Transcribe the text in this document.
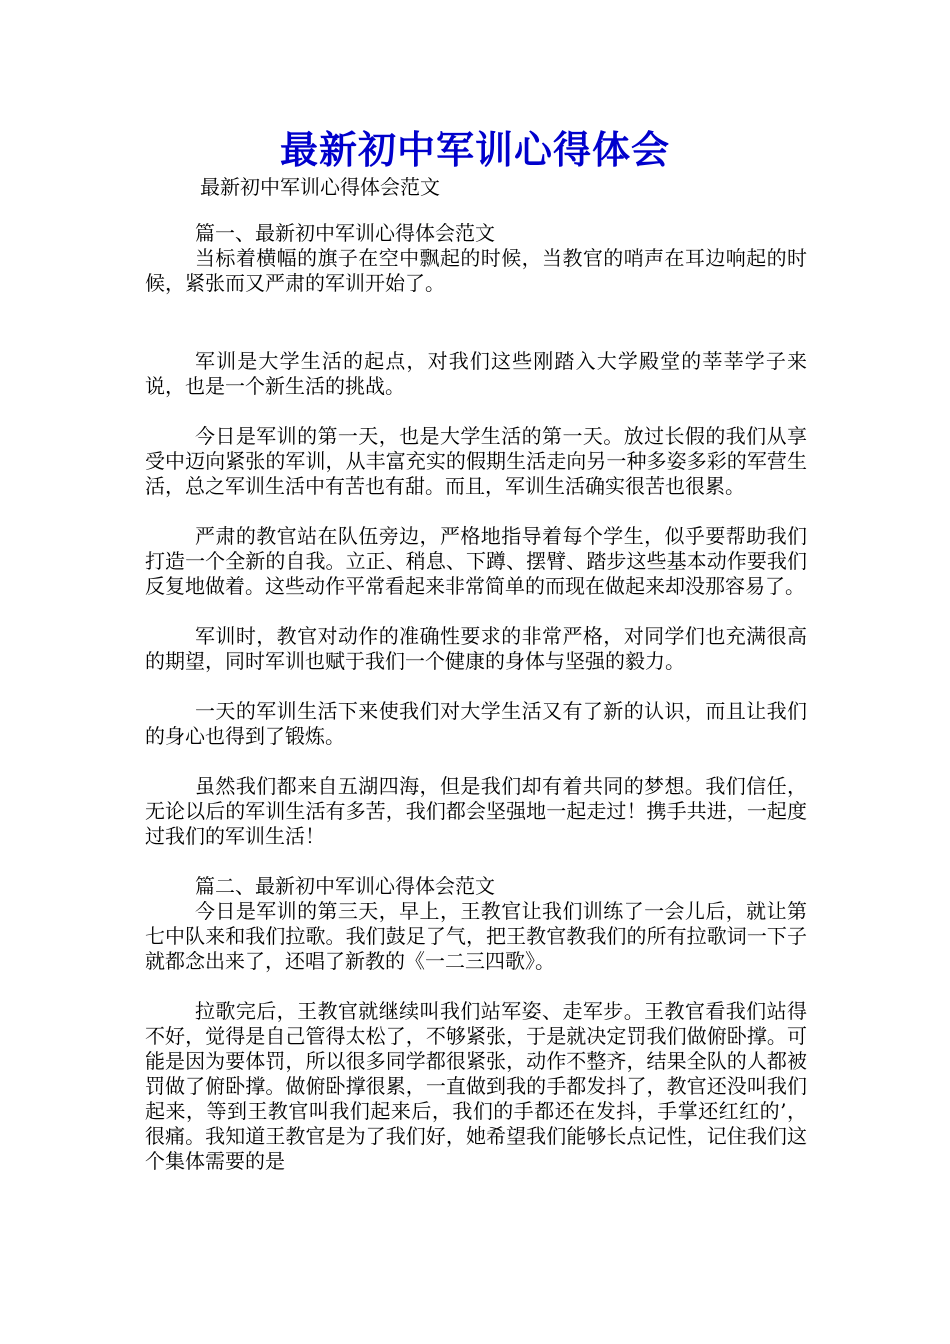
最新初中军训心得体会
最新初中军训心得体会范文

篇一、最新初中军训心得体会范文

当标着横幅的旗子在空中飘起的时候，当教官的哨声在耳边响起的时候，紧张而又严肃的军训开始了。

军训是大学生活的起点，对我们这些刚踏入大学殿堂的莘莘学子来说，也是一个新生活的挑战。

今日是军训的第一天，也是大学生活的第一天。放过长假的我们从享受中迈向紧张的军训，从丰富充实的假期生活走向另一种多姿多彩的军营生活，总之军训生活中有苦也有甜。而且，军训生活确实很苦也很累。

严肃的教官站在队伍旁边，严格地指导着每个学生，似乎要帮助我们打造一个全新的自我。立正、稍息、下蹲、摆臂、踏步这些基本动作要我们反复地做着。这些动作平常看起来非常简单的而现在做起来却没那容易了。

军训时，教官对动作的准确性要求的非常严格，对同学们也充满很高的期望，同时军训也赋于我们一个健康的身体与坚强的毅力。

一天的军训生活下来使我们对大学生活又有了新的认识，而且让我们的身心也得到了锻炼。

虽然我们都来自五湖四海，但是我们却有着共同的梦想。我们信任，无论以后的军训生活有多苦，我们都会坚强地一起走过！携手共进，一起度过我们的军训生活！

篇二、最新初中军训心得体会范文

今日是军训的第三天，早上，王教官让我们训练了一会儿后，就让第七中队来和我们拉歌。我们鼓足了气，把王教官教我们的所有拉歌词一下子就都念出来了，还唱了新教的《一二三四歌》。

拉歌完后，王教官就继续叫我们站军姿、走军步。王教官看我们站得不好，觉得是自己管得太松了，不够紧张，于是就决定罚我们做俯卧撑。可能是因为要体罚，所以很多同学都很紧张，动作不整齐，结果全队的人都被罚做了俯卧撑。做俯卧撑很累，一直做到我的手都发抖了，教官还没叫我们起来，等到王教官叫我们起来后，我们的手都还在发抖，手掌还红红的’，很痛。我知道王教官是为了我们好，她希望我们能够长点记性，记住我们这个集体需要的是
